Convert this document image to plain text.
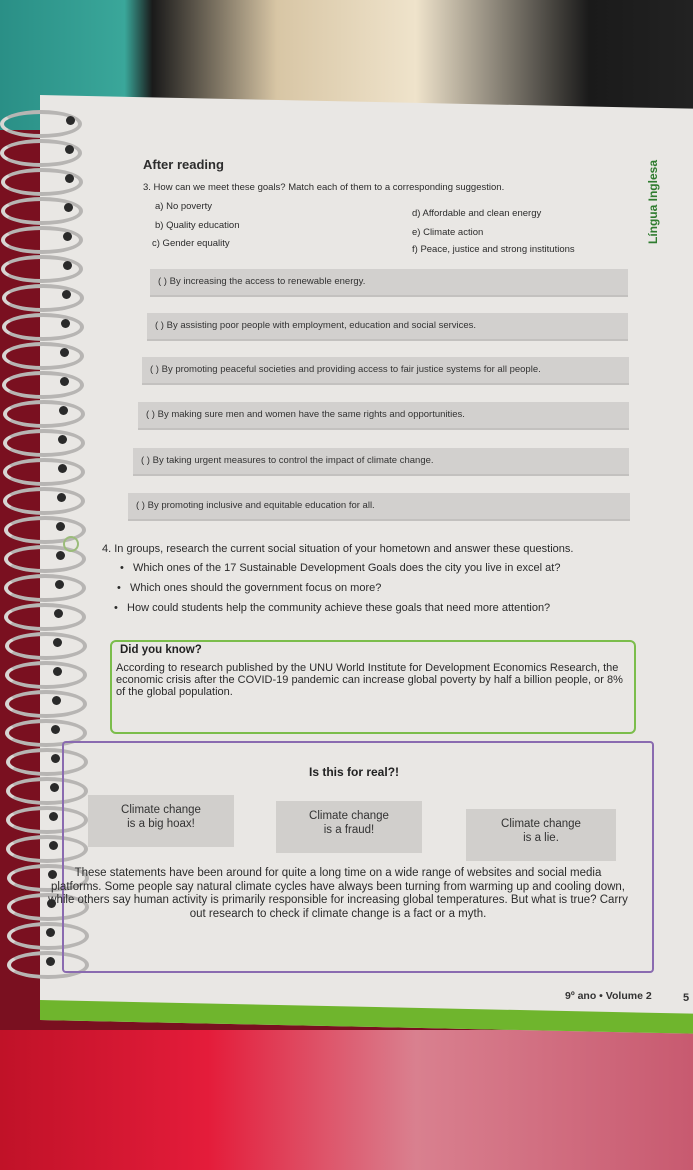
Língua Inglesa
After reading
3. How can we meet these goals? Match each of them to a corresponding suggestion.
a) No poverty
b) Quality education
c) Gender equality
d) Affordable and clean energy
e) Climate action
f) Peace, justice and strong institutions
( ) By increasing the access to renewable energy.
( ) By assisting poor people with employment, education and social services.
( ) By promoting peaceful societies and providing access to fair justice systems for all people.
( ) By making sure men and women have the same rights and opportunities.
( ) By taking urgent measures to control the impact of climate change.
( ) By promoting inclusive and equitable education for all.
4. In groups, research the current social situation of your hometown and answer these questions.
•   Which ones of the 17 Sustainable Development Goals does the city you live in excel at?
•   Which ones should the government focus on more?
•   How could students help the community achieve these goals that need more attention?
Did you know?
According to research published by the UNU World Institute for Development Economics Research, the economic crisis after the COVID-19 pandemic can increase global poverty by half a billion people, or 8% of the global population.
Is this for real?!
Climate change
is a big hoax!
Climate change
is a fraud!	Climate change
is a lie.
These statements have been around for quite a long time on a wide range of websites and social media platforms. Some people say natural climate cycles have always been turning from warming up and cooling down, while others say human activity is primarily responsible for increasing global temperatures. But what is true? Carry out research to check if climate change is a fact or a myth.
9º ano • Volume 2	5
